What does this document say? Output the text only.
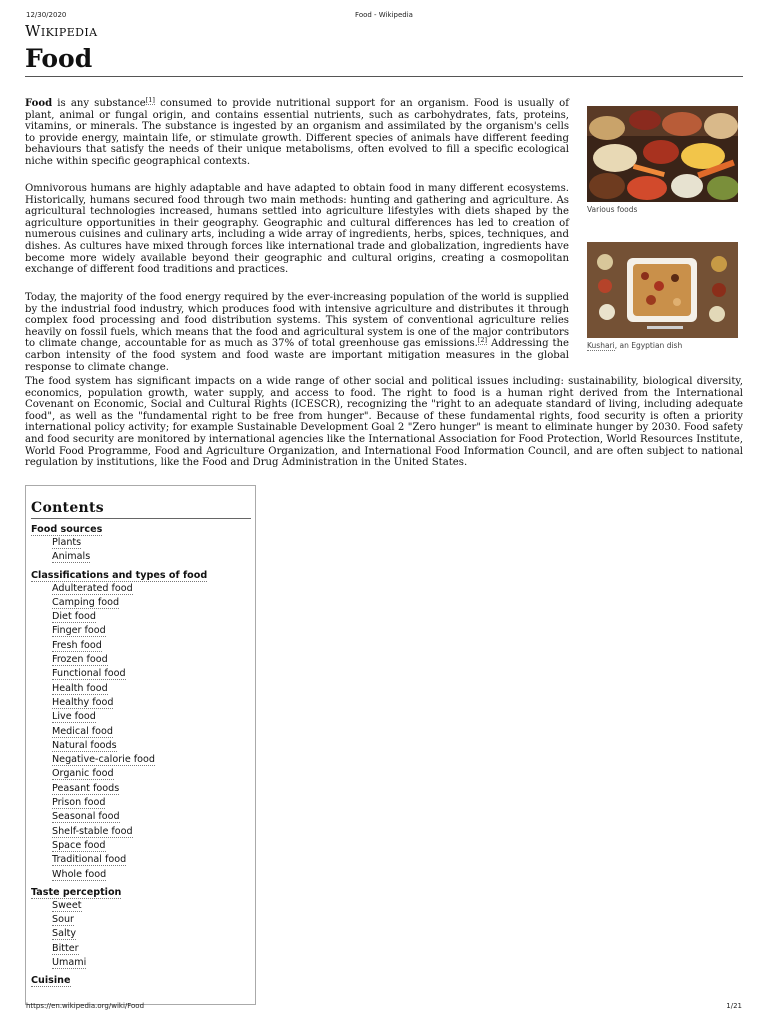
12/30/2020	Food - Wikipedia
Wikipedia
Food

Food is any substance[1] consumed to provide nutritional support for an organism. Food is usually of plant, animal or fungal origin, and contains essential nutrients, such as carbohydrates, fats, proteins, vitamins, or minerals. The substance is ingested by an organism and assimilated by the organism's cells to provide energy, maintain life, or stimulate growth. Different species of animals have different feeding behaviours that satisfy the needs of their unique metabolisms, often evolved to fill a specific ecological niche within specific geographical contexts.

Omnivorous humans are highly adaptable and have adapted to obtain food in many different ecosystems. Historically, humans secured food through two main methods: hunting and gathering and agriculture. As agricultural technologies increased, humans settled into agriculture lifestyles with diets shaped by the agriculture opportunities in their geography. Geographic and cultural differences has led to creation of numerous cuisines and culinary arts, including a wide array of ingredients, herbs, spices, techniques, and dishes. As cultures have mixed through forces like international trade and globalization, ingredients have become more widely available beyond their geographic and cultural origins, creating a cosmopolitan exchange of different food traditions and practices.

Today, the majority of the food energy required by the ever-increasing population of the world is supplied by the industrial food industry, which produces food with intensive agriculture and distributes it through complex food processing and food distribution systems. This system of conventional agriculture relies heavily on fossil fuels, which means that the food and agricultural system is one of the major contributors to climate change, accountable for as much as 37% of total greenhouse gas emissions.[2] Addressing the carbon intensity of the food system and food waste are important mitigation measures in the global response to climate change.

The food system has significant impacts on a wide range of other social and political issues including: sustainability, biological diversity, economics, population growth, water supply, and access to food. The right to food is a human right derived from the International Covenant on Economic, Social and Cultural Rights (ICESCR), recognizing the "right to an adequate standard of living, including adequate food", as well as the "fundamental right to be free from hunger". Because of these fundamental rights, food security is often a priority international policy activity; for example Sustainable Development Goal 2 "Zero hunger" is meant to eliminate hunger by 2030. Food safety and food security are monitored by international agencies like the International Association for Food Protection, World Resources Institute, World Food Programme, Food and Agriculture Organization, and International Food Information Council, and are often subject to national regulation by institutions, like the Food and Drug Administration in the United States.

Various foods
Kushari, an Egyptian dish
Contents
Food sources
Plants
Animals
Classifications and types of food
Adulterated food
Camping food
Diet food
Finger food
Fresh food
Frozen food
Functional food
Health food
Healthy food
Live food
Medical food
Natural foods
Negative-calorie food
Organic food
Peasant foods
Prison food
Seasonal food
Shelf-stable food
Space food
Traditional food
Whole food
Taste perception
Sweet
Sour
Salty
Bitter
Umami
Cuisine
https://en.wikipedia.org/wiki/Food	1/21
